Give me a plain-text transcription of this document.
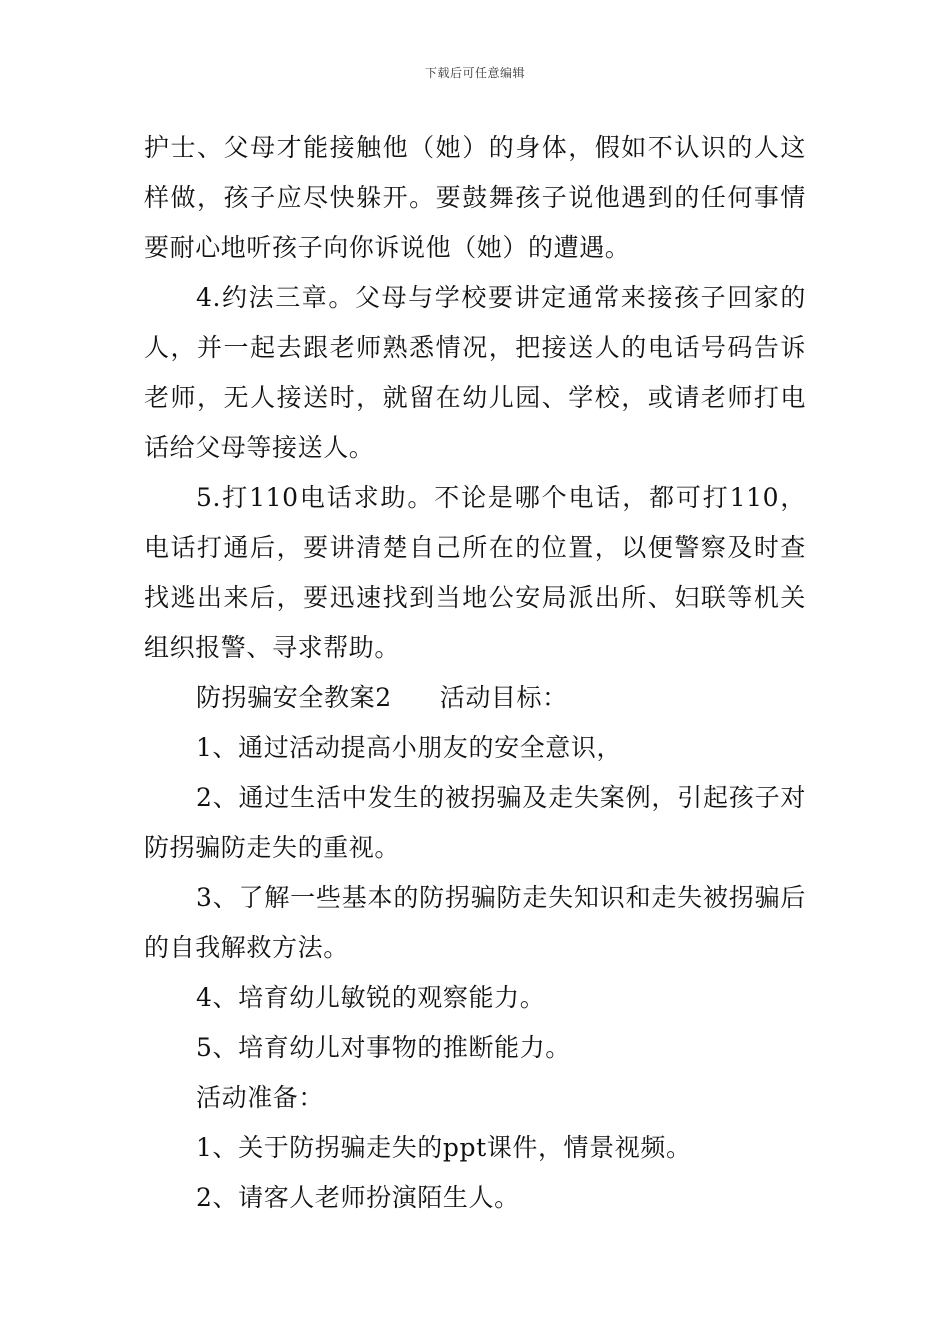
下载后可任意编辑

护士、父母才能接触他（她）的身体，假如不认识的人这样做，孩子应尽快躲开。要鼓舞孩子说他遇到的任何事情要耐心地听孩子向你诉说他（她）的遭遇。

4.约法三章。父母与学校要讲定通常来接孩子回家的人，并一起去跟老师熟悉情况，把接送人的电话号码告诉老师，无人接送时，就留在幼儿园、学校，或请老师打电话给父母等接送人。

5.打110电话求助。不论是哪个电话，都可打110，电话打通后，要讲清楚自己所在的位置，以便警察及时查找逃出来后，要迅速找到当地公安局派出所、妇联等机关组织报警、寻求帮助。

防拐骗安全教案2 活动目标：

1、通过活动提高小朋友的安全意识，

2、通过生活中发生的被拐骗及走失案例，引起孩子对防拐骗防走失的重视。

3、了解一些基本的防拐骗防走失知识和走失被拐骗后的自我解救方法。

4、培育幼儿敏锐的观察能力。

5、培育幼儿对事物的推断能力。

活动准备：

1、关于防拐骗走失的ppt课件，情景视频。

2、请客人老师扮演陌生人。
